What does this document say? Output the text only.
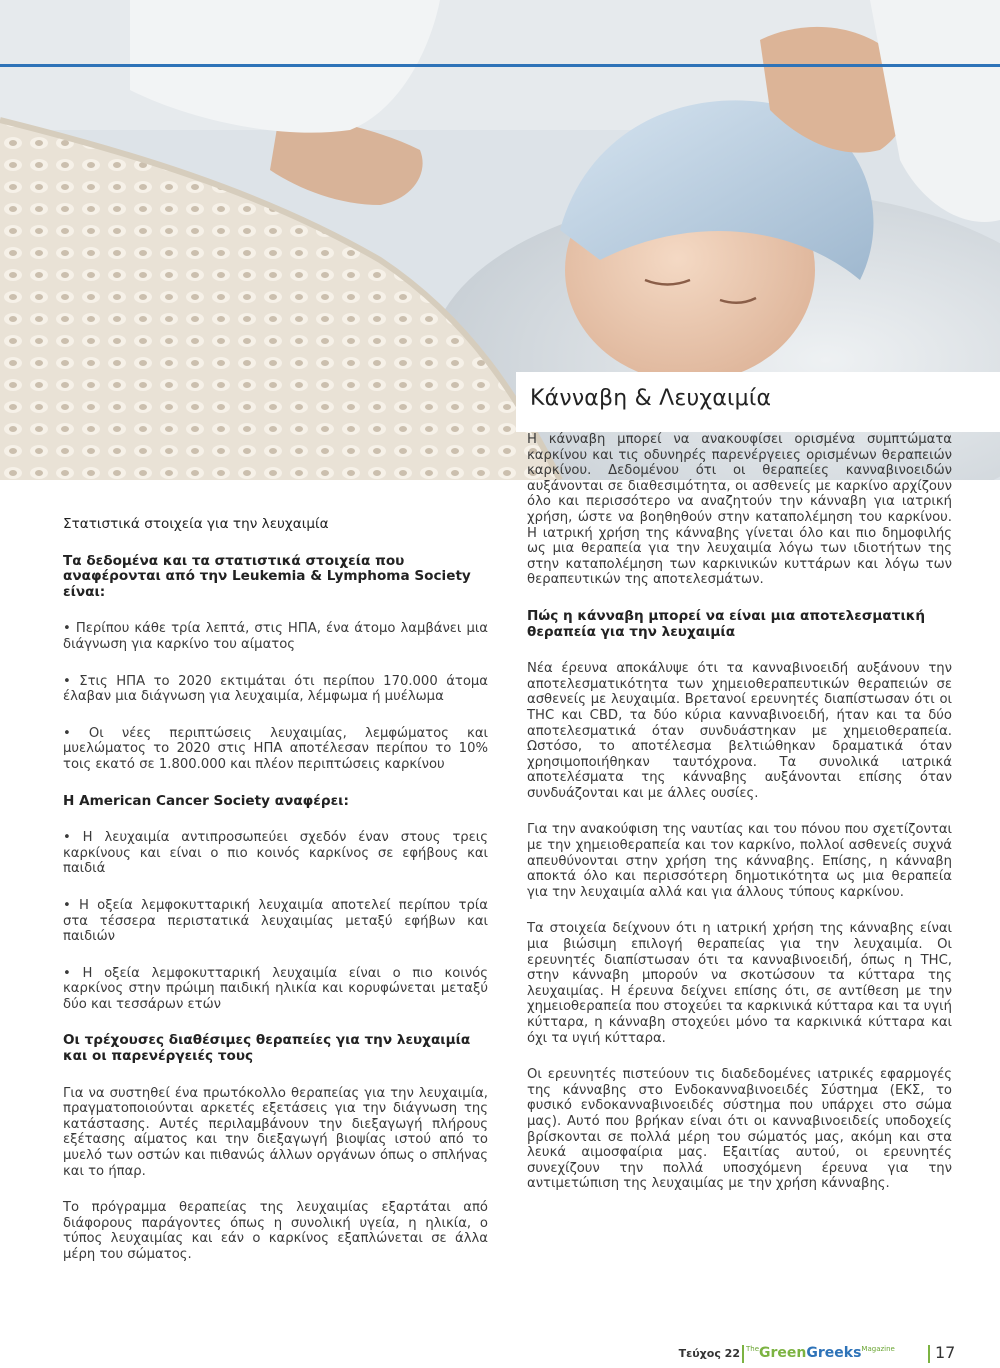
Κάνναβη & Λευχαιμία
Στατιστικά στοιχεία για την λευχαιμία
Τα δεδομένα και τα στατιστικά στοιχεία που αναφέρονται από την Leukemia & Lymphoma Society είναι:

• Περίπου κάθε τρία λεπτά, στις ΗΠΑ, ένα άτομο λαμβάνει μια διάγνωση για καρκίνο του αίματος

• Στις ΗΠΑ το 2020 εκτιμάται ότι περίπου 170.000 άτομα έλαβαν μια διάγνωση για λευχαιμία, λέμφωμα ή μυέλωμα

• Οι νέες περιπτώσεις λευχαιμίας, λεμφώματος και μυελώματος το 2020 στις ΗΠΑ αποτέλεσαν περίπου το 10% τοις εκατό σε 1.800.000 και πλέον περιπτώσεις καρκίνου

Η American Cancer Society αναφέρει:

• Η λευχαιμία αντιπροσωπεύει σχεδόν έναν στους τρεις καρκίνους και είναι ο πιο κοινός καρκίνος σε εφήβους και παιδιά

• Η οξεία λεμφοκυτταρική λευχαιμία αποτελεί περίπου τρία στα τέσσερα περιστατικά λευχαιμίας μεταξύ εφήβων και παιδιών

• Η οξεία λεμφοκυτταρική λευχαιμία είναι ο πιο κοινός καρκίνος στην πρώιμη παιδική ηλικία και κορυφώνεται μεταξύ δύο και τεσσάρων ετών

Οι τρέχουσες διαθέσιμες θεραπείες για την λευχαιμία και οι παρενέργειές τους

Για να συστηθεί ένα πρωτόκολλο θεραπείας για την λευχαιμία, πραγματοποιούνται αρκετές εξετάσεις για την διάγνωση της κατάστασης. Αυτές περιλαμβάνουν την διεξαγωγή πλήρους εξέτασης αίματος και την διεξαγωγή βιοψίας ιστού από το μυελό των οστών και πιθανώς άλλων οργάνων όπως ο σπλήνας και το ήπαρ.

Το πρόγραμμα θεραπείας της λευχαιμίας εξαρτάται από διάφορους παράγοντες όπως η συνολική υγεία, η ηλικία, ο τύπος λευχαιμίας και εάν ο καρκίνος εξαπλώνεται σε άλλα μέρη του σώματος.

Η κάνναβη μπορεί να ανακουφίσει ορισμένα συμπτώματα καρκίνου και τις οδυνηρές παρενέργειες ορισμένων θεραπειών καρκίνου. Δεδομένου ότι οι θεραπείες κανναβινοειδών αυξάνονται σε διαθεσιμότητα, οι ασθενείς με καρκίνο αρχίζουν όλο και περισσότερο να αναζητούν την κάνναβη για ιατρική χρήση, ώστε να βοηθηθούν στην καταπολέμηση του καρκίνου. Η ιατρική χρήση της κάνναβης γίνεται όλο και πιο δημοφιλής ως μια θεραπεία για την λευχαιμία λόγω των ιδιοτήτων της στην καταπολέμηση των καρκινικών κυττάρων και λόγω των θεραπευτικών της αποτελεσμάτων.

Πώς η κάνναβη μπορεί να είναι μια αποτελεσματική θεραπεία για την λευχαιμία

Νέα έρευνα αποκάλυψε ότι τα κανναβινοειδή αυξάνουν την αποτελεσματικότητα των χημειοθεραπευτικών θεραπειών σε ασθενείς με λευχαιμία. Βρετανοί ερευνητές διαπίστωσαν ότι οι THC και CBD, τα δύο κύρια κανναβινοειδή, ήταν και τα δύο αποτελεσματικά όταν συνδυάστηκαν με χημειοθεραπεία. Ωστόσο, το αποτέλεσμα βελτιώθηκαν δραματικά όταν χρησιμοποιήθηκαν ταυτόχρονα. Τα συνολικά ιατρικά αποτελέσματα της κάνναβης αυξάνονται επίσης όταν συνδυάζονται και με άλλες ουσίες.

Για την ανακούφιση της ναυτίας και του πόνου που σχετίζονται με την χημειοθεραπεία και τον καρκίνο, πολλοί ασθενείς συχνά απευθύνονται στην χρήση της κάνναβης. Επίσης, η κάνναβη αποκτά όλο και περισσότερη δημοτικότητα ως μια θεραπεία για την λευχαιμία αλλά και για άλλους τύπους καρκίνου.

Τα στοιχεία δείχνουν ότι η ιατρική χρήση της κάνναβης είναι μια βιώσιμη επιλογή θεραπείας για την λευχαιμία. Οι ερευνητές διαπίστωσαν ότι τα κανναβινοειδή, όπως η THC, στην κάνναβη μπορούν να σκοτώσουν τα κύτταρα της λευχαιμίας. Η έρευνα δείχνει επίσης ότι, σε αντίθεση με την χημειοθεραπεία που στοχεύει τα καρκινικά κύτταρα και τα υγιή κύτταρα, η κάνναβη στοχεύει μόνο τα καρκινικά κύτταρα και όχι τα υγιή κύτταρα.

Οι ερευνητές πιστεύουν τις διαδεδομένες ιατρικές εφαρμογές της κάνναβης στο Ενδοκανναβινοειδές Σύστημα (ΕΚΣ, το φυσικό ενδοκανναβινοειδές σύστημα που υπάρχει στο σώμα μας). Αυτό που βρήκαν είναι ότι οι κανναβινοειδείς υποδοχείς βρίσκονται σε πολλά μέρη του σώματός μας, ακόμη και στα λευκά αιμοσφαίρια μας. Εξαιτίας αυτού, οι ερευνητές συνεχίζουν την πολλά υποσχόμενη έρευνα για την αντιμετώπιση της λευχαιμίας με την χρήση κάνναβης.

Τεύχος 22 $^{The}$GreenGreeks$^{Magazine}$	17
